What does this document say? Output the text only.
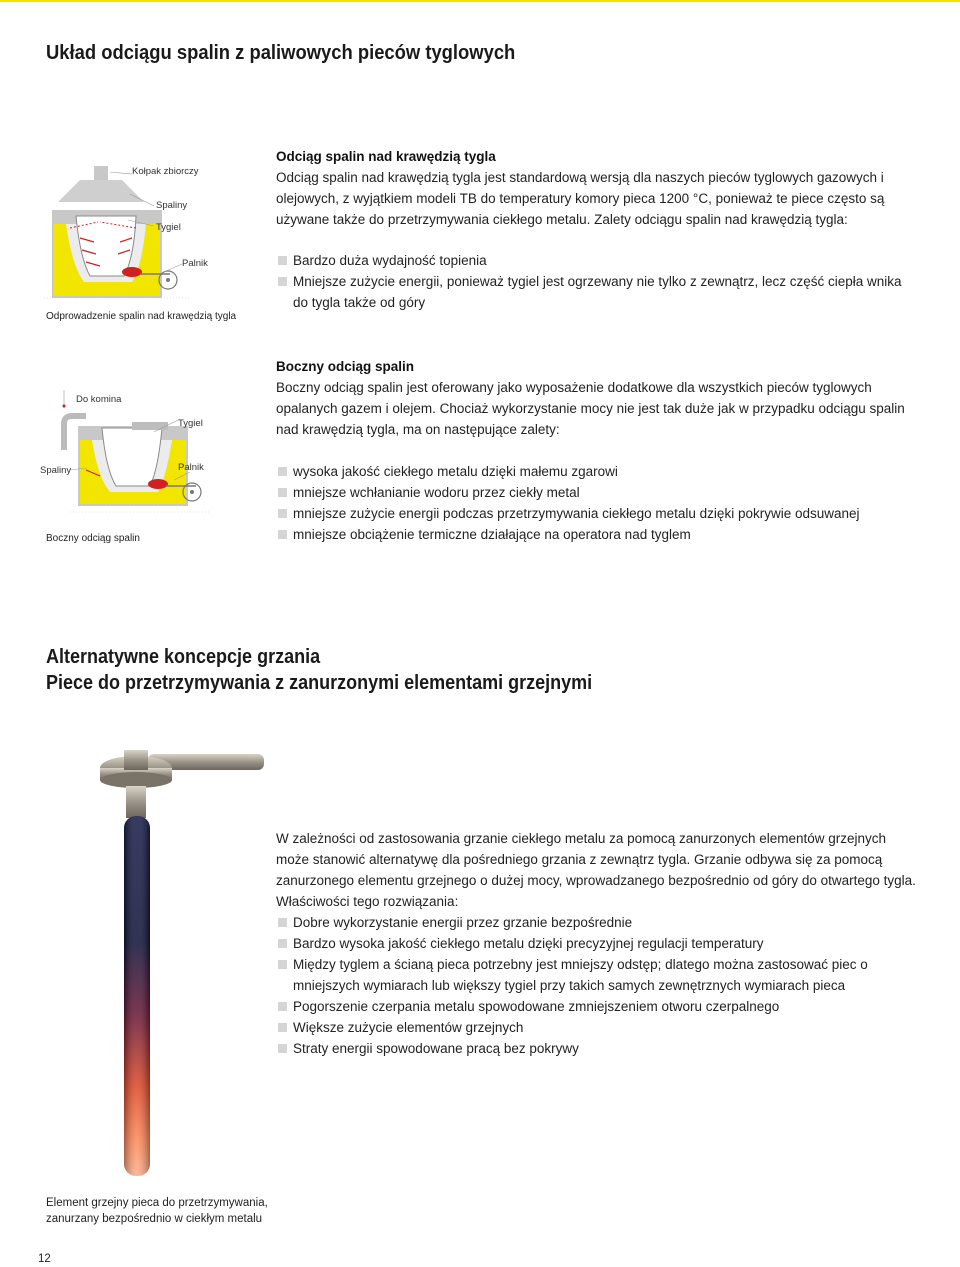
Układ odciągu spalin z paliwowych pieców tyglowych
Kołpak zbiorczy
Spaliny
Tygiel
Palnik
Odprowadzenie spalin nad krawędzią tygla
Odciąg spalin nad krawędzią tygla

Odciąg spalin nad krawędzią tygla jest standardową wersją dla naszych pieców tyglowych gazowych i olejowych, z wyjątkiem modeli TB do temperatury komory pieca 1200 °C, ponieważ te piece często są używane także do przetrzymywania ciekłego metalu. Zalety odciągu spalin nad krawędzią tygla:

Bardzo duża wydajność topienia
Mniejsze zużycie energii, ponieważ tygiel jest ogrzewany nie tylko z zewnątrz, lecz część ciepła wnika do tygla także od góry
Do komina
Tygiel
Spaliny	Palnik
Boczny odciąg spalin
Boczny odciąg spalin

Boczny odciąg spalin jest oferowany jako wyposażenie dodatkowe dla wszystkich pieców tyglowych opalanych gazem i olejem. Chociaż wykorzystanie mocy nie jest tak duże jak w przypadku odciągu spalin nad krawędzią tygla, ma on następujące zalety:

wysoka jakość ciekłego metalu dzięki małemu zgarowi
mniejsze wchłanianie wodoru przez ciekły metal
mniejsze zużycie energii podczas przetrzymywania ciekłego metalu dzięki pokrywie odsuwanej
mniejsze obciążenie termiczne działające na operatora nad tyglem
Alternatywne koncepcje grzania
Piece do przetrzymywania z zanurzonymi elementami grzejnymi

W zależności od zastosowania grzanie ciekłego metalu za pomocą zanurzonych elementów grzejnych może stanowić alternatywę dla pośredniego grzania z zewnątrz tygla. Grzanie odbywa się za pomocą zanurzonego elementu grzejnego o dużej mocy, wprowadzanego bezpośrednio od góry do otwartego tygla. Właściwości tego rozwiązania:

Dobre wykorzystanie energii przez grzanie bezpośrednie
Bardzo wysoka jakość ciekłego metalu dzięki precyzyjnej regulacji temperatury
Między tyglem a ścianą pieca potrzebny jest mniejszy odstęp; dlatego można zastosować piec o mniejszych wymiarach lub większy tygiel przy takich samych zewnętrznych wymiarach pieca
Pogorszenie czerpania metalu spowodowane zmniejszeniem otworu czerpalnego
Większe zużycie elementów grzejnych
Straty energii spowodowane pracą bez pokrywy
Element grzejny pieca do przetrzymywania, zanurzany bezpośrednio w ciekłym metalu
12
